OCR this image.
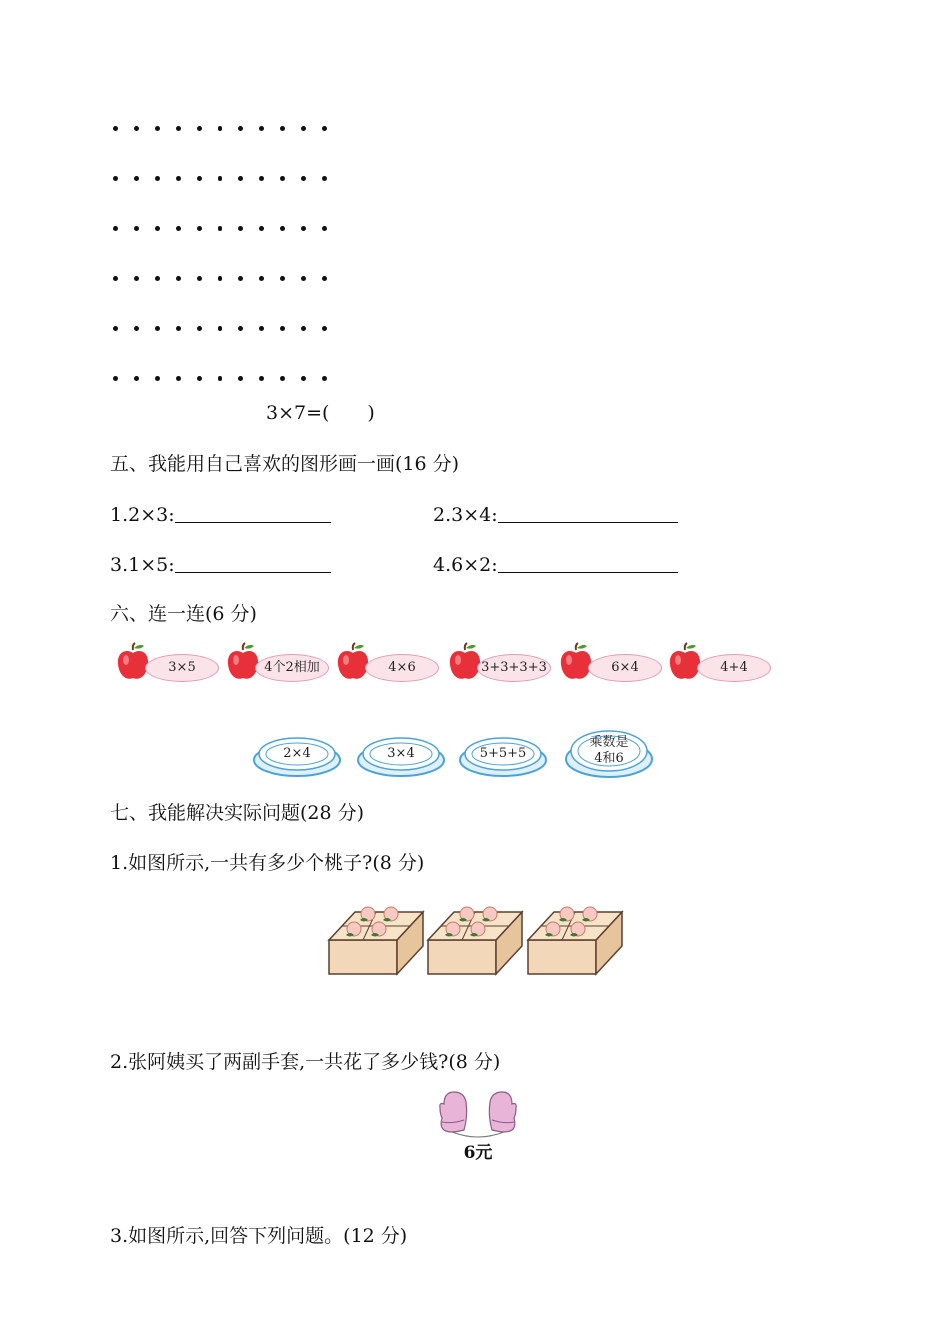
3×7=(　　)
五、我能用自己喜欢的图形画一画(16 分)
1.2×3:	2.3×4:
3.1×5:	4.6×2:
六、连一连(6 分)
3×5	4个2相加	4×6	3+3+3+3	6×4	4+4
2×4	3×4	5+5+5
乘数是
4和6
七、我能解决实际问题(28 分)
1.如图所示,一共有多少个桃子?(8 分)
2.张阿姨买了两副手套,一共花了多少钱?(8 分)
6元
3.如图所示,回答下列问题。(12 分)
